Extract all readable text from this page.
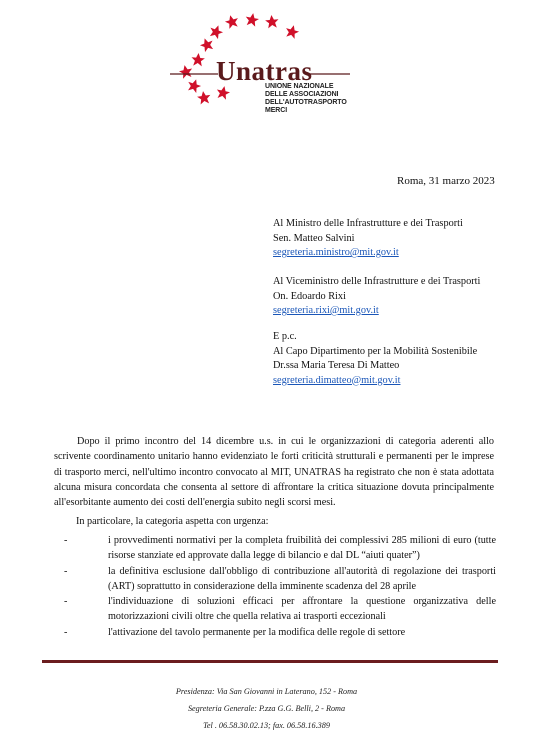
Unatras
UNIONE NAZIONALE
DELLE ASSOCIAZIONI
DELL'AUTOTRASPORTO
MERCI
Roma, 31 marzo 2023
Al Ministro delle Infrastrutture e dei Trasporti
Sen. Matteo Salvini
segreteria.ministro@mit.gov.it
Al Viceministro delle Infrastrutture e dei Trasporti
On. Edoardo Rixi
segreteria.rixi@mit.gov.it
E p.c.
Al Capo Dipartimento per la Mobilità Sostenibile
Dr.ssa Maria Teresa Di Matteo
segreteria.dimatteo@mit.gov.it
Dopo il primo incontro del 14 dicembre u.s. in cui le organizzazioni di categoria aderenti allo scrivente coordinamento unitario hanno evidenziato le forti criticità strutturali e permanenti per le imprese di trasporto merci, nell'ultimo incontro convocato al MIT, UNATRAS ha registrato che non è stata adottata alcuna misura concordata che consenta al settore di affrontare la critica situazione dovuta principalmente all'esorbitante aumento dei costi dell'energia subito negli scorsi mesi.
In particolare, la categoria aspetta con urgenza:
-	i provvedimenti normativi per la completa fruibilità dei complessivi 285 milioni di euro (tutte risorse stanziate ed approvate dalla legge di bilancio e dal DL “aiuti quater”)
-	la definitiva esclusione dall'obbligo di contribuzione all'autorità di regolazione dei trasporti (ART) soprattutto in considerazione della imminente scadenza del 28 aprile
-	l'individuazione di soluzioni efficaci per affrontare la questione organizzativa delle motorizzazioni civili oltre che quella relativa ai trasporti eccezionali
-	l'attivazione del tavolo permanente per la modifica delle regole di settore
Presidenza: Via San Giovanni in Laterano, 152 - Roma
Segreteria Generale: P.zza G.G. Belli, 2 - Roma
Tel . 06.58.30.02.13; fax. 06.58.16.389
